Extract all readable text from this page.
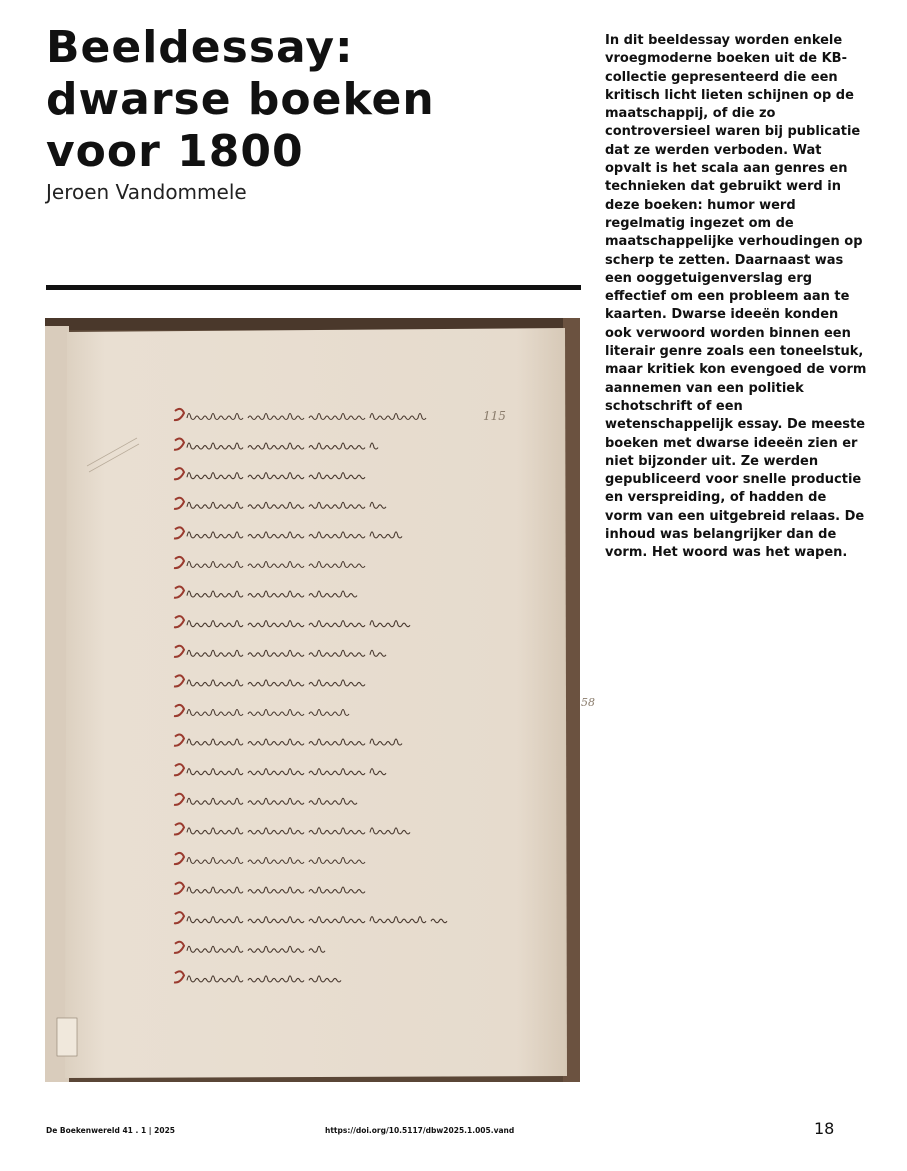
Beeldessay:
dwarse boeken
voor 1800
Jeroen Vandommele

In dit beeldessay worden enkele vroegmoderne boeken uit de KB-collectie gepresenteerd die een kritisch licht lieten schijnen op de maatschappij, of die zo controversieel waren bij publicatie dat ze werden verboden. Wat opvalt is het scala aan genres en technieken dat gebruikt werd in deze boeken: humor werd regelmatig ingezet om de maatschappelijke verhoudingen op scherp te zetten. Daarnaast was een ooggetuigenverslag erg effectief om een probleem aan te kaarten. Dwarse ideeën konden ook verwoord worden binnen een literair genre zoals een toneelstuk, maar kritiek kon evengoed de vorm aannemen van een politiek schotschrift of een wetenschappelijk essay. De meeste boeken met dwarse ideeën zien er niet bijzonder uit. Ze werden gepubliceerd voor snelle productie en verspreiding, of hadden de vorm van een uitgebreid relaas. De inhoud was belangrijker dan de vorm. Het woord was het wapen.

115
58
De Boekenwereld 41 . 1 | 2025	https://doi.org/10.5117/dbw2025.1.005.vand	18
